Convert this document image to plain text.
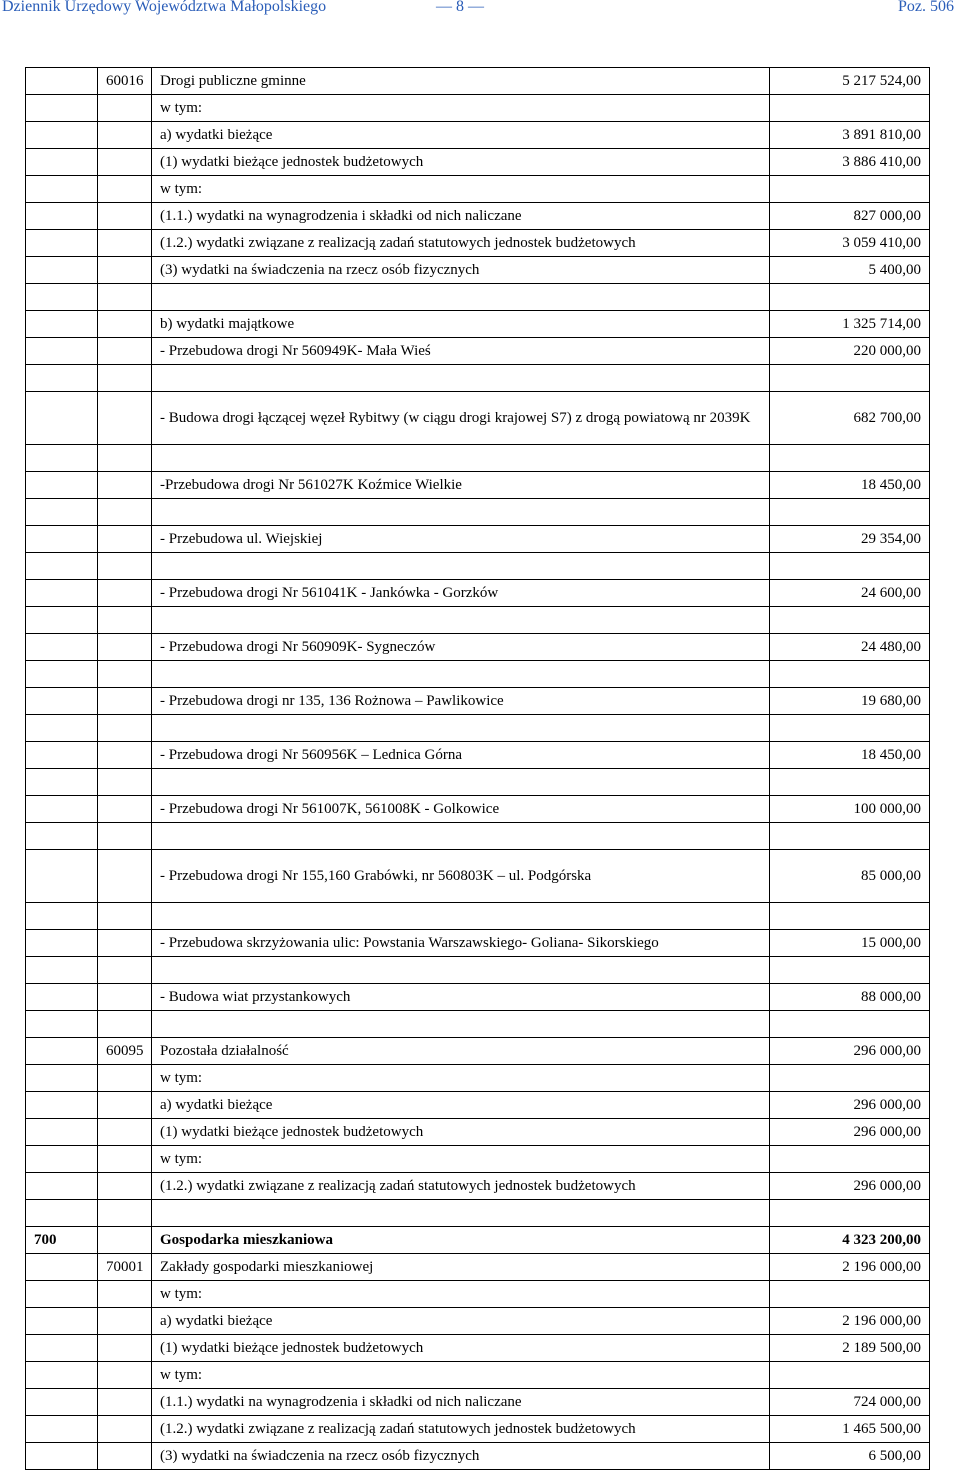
Dziennik Urzędowy Województwa Małopolskiego	— 8 —	Poz. 506
	60016	Drogi publiczne gminne	5 217 524,00
		w tym:	
		a) wydatki bieżące	3 891 810,00
		(1) wydatki bieżące jednostek budżetowych	3 886 410,00
		w tym:	
		(1.1.) wydatki na wynagrodzenia i składki od nich naliczane	827 000,00
		(1.2.) wydatki związane z realizacją zadań statutowych jednostek budżetowych	3 059 410,00
		(3) wydatki na świadczenia na rzecz osób fizycznych	5 400,00

		b) wydatki majątkowe	1 325 714,00
		- Przebudowa drogi Nr 560949K- Mała Wieś	220 000,00

		- Budowa drogi łączącej węzeł Rybitwy (w ciągu drogi krajowej S7) z drogą powiatową nr 2039K	682 700,00

		-Przebudowa drogi Nr 561027K Koźmice Wielkie	18 450,00

		- Przebudowa ul. Wiejskiej	29 354,00

		- Przebudowa drogi Nr 561041K - Jankówka - Gorzków	24 600,00

		- Przebudowa drogi Nr 560909K- Sygneczów	24 480,00

		- Przebudowa drogi nr 135, 136 Rożnowa – Pawlikowice	19 680,00

		- Przebudowa drogi Nr 560956K – Lednica Górna	18 450,00

		- Przebudowa drogi Nr 561007K, 561008K - Golkowice	100 000,00

		- Przebudowa drogi Nr 155,160 Grabówki, nr 560803K – ul. Podgórska	85 000,00

		- Przebudowa skrzyżowania ulic: Powstania Warszawskiego- Goliana- Sikorskiego	15 000,00

		- Budowa wiat przystankowych	88 000,00

	60095	Pozostała działalność	296 000,00
		w tym:	
		a) wydatki bieżące	296 000,00
		(1) wydatki bieżące jednostek budżetowych	296 000,00
		w tym:	
		(1.2.) wydatki związane z realizacją zadań statutowych jednostek budżetowych	296 000,00

700		Gospodarka mieszkaniowa	4 323 200,00
	70001	Zakłady gospodarki mieszkaniowej	2 196 000,00
		w tym:	
		a) wydatki bieżące	2 196 000,00
		(1) wydatki bieżące jednostek budżetowych	2 189 500,00
		w tym:	
		(1.1.) wydatki na wynagrodzenia i składki od nich naliczane	724 000,00
		(1.2.) wydatki związane z realizacją zadań statutowych jednostek budżetowych	1 465 500,00
		(3) wydatki na świadczenia na rzecz osób fizycznych	6 500,00
